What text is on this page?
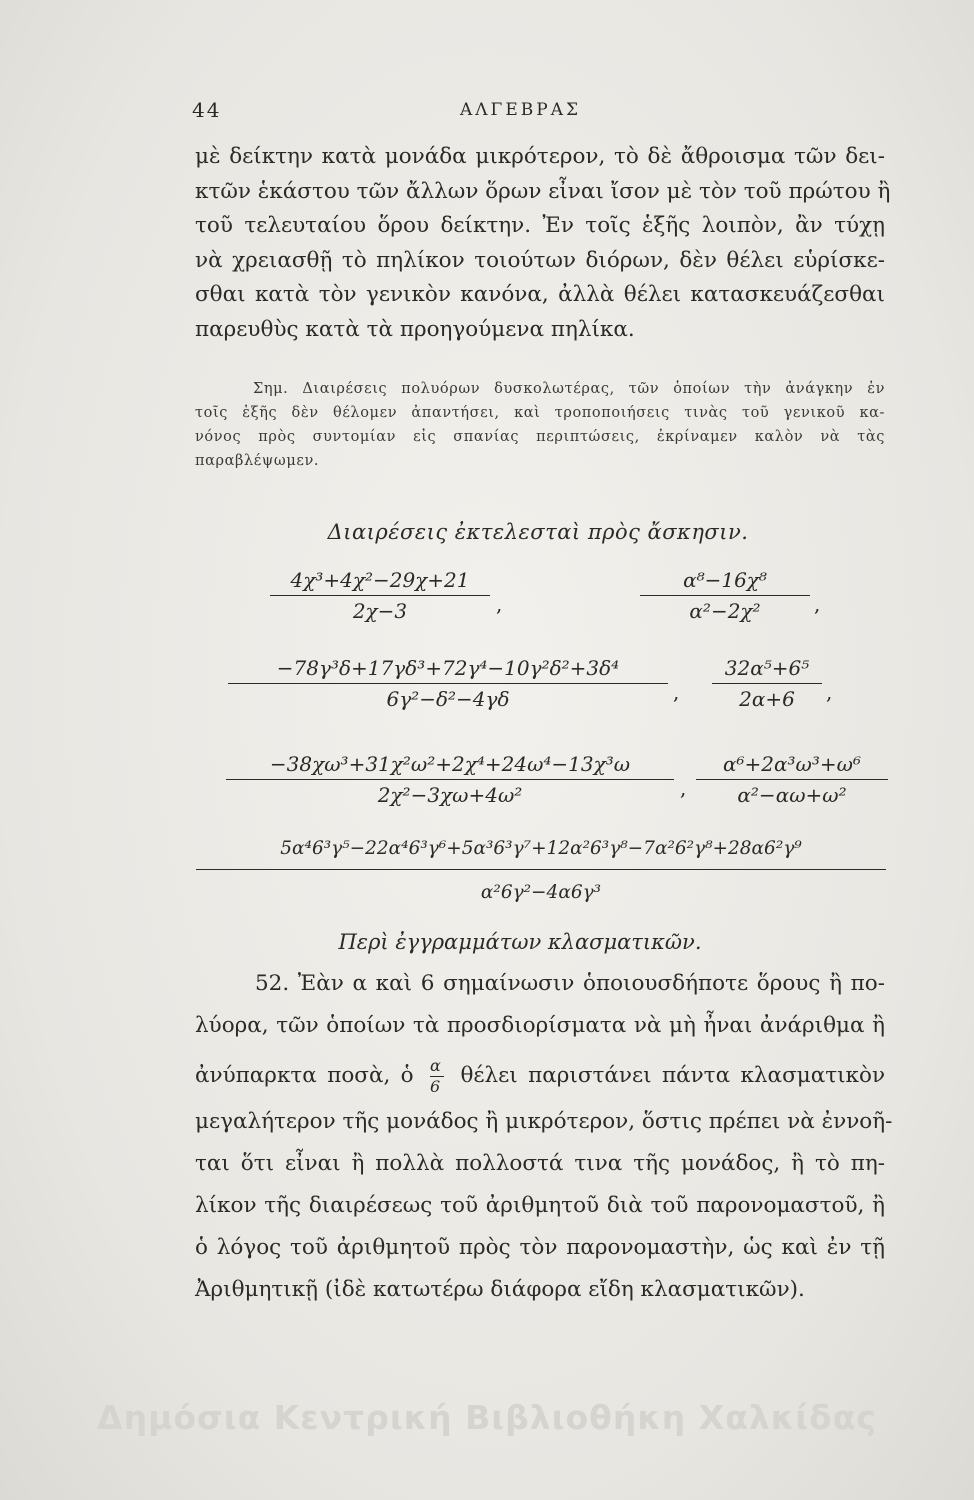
44	ΑΛΓΕΒΡΑΣ
μὲ δείκτην κατὰ μονάδα μικρότερον, τὸ δὲ ἄθροισμα τῶν δει-
κτῶν ἑκάστου τῶν ἄλλων ὅρων εἶναι ἴσον μὲ τὸν τοῦ πρώτου ἢ
τοῦ τελευταίου ὅρου δείκτην. Ἐν τοῖς ἑξῆς λοιπὸν, ἂν τύχῃ
νὰ χρειασθῇ τὸ πηλίκον τοιούτων διόρων, δὲν θέλει εὑρίσκε-
σθαι κατὰ τὸν γενικὸν κανόνα, ἀλλὰ θέλει κατασκευάζεσθαι
παρευθὺς κατὰ τὰ προηγούμενα πηλίκα.
Σημ. Διαιρέσεις πολυόρων δυσκολωτέρας, τῶν ὁποίων τὴν ἀνάγκην ἐν
τοῖς ἑξῆς δὲν θέλομεν ἀπαντήσει, καὶ τροποποιήσεις τινὰς τοῦ γενικοῦ κα-
νόνος πρὸς συντομίαν εἰς σπανίας περιπτώσεις, ἐκρίναμεν καλὸν νὰ τὰς
παραβλέψωμεν.
Διαιρέσεις ἐκτελεσταὶ πρὸς ἄσκησιν.
4χ³+4χ²−29χ+21
2χ−3	,
α⁸−16χ⁸
α²−2χ²	,
−78γ³δ+17γδ³+72γ⁴−10γ²δ²+3δ⁴
6γ²−δ²−4γδ	,
32α⁵+6⁵
2α+6	,
−38χω³+31χ²ω²+2χ⁴+24ω⁴−13χ³ω
2χ²−3χω+4ω²	,
α⁶+2α³ω³+ω⁶
α²−αω+ω²
5α⁴6³γ⁵−22α⁴6³γ⁶+5α³6³γ⁷+12α²6³γ⁸−7α²6²γ⁸+28α6²γ⁹
α²6γ²−4α6γ³
Περὶ ἐγγραμμάτων κλασματικῶν.
52. Ἐὰν α καὶ 6 σημαίνωσιν ὁποιουσδήποτε ὅρους ἢ πο-
λύορα, τῶν ὁποίων τὰ προσδιορίσματα νὰ μὴ ἦναι ἀνάριθμα ἢ
ἀνύπαρκτα ποσὰ, ὁ $\frac{\alpha}{6}$ θέλει παριστάνει πάντα κλασματικὸν
μεγαλήτερον τῆς μονάδος ἢ μικρότερον, ὅστις πρέπει νὰ ἐννοῆ-
ται ὅτι εἶναι ἢ πολλὰ πολλοστά τινα τῆς μονάδος, ἢ τὸ πη-
λίκον τῆς διαιρέσεως τοῦ ἀριθμητοῦ διὰ τοῦ παρονομαστοῦ, ἢ
ὁ λόγος τοῦ ἀριθμητοῦ πρὸς τὸν παρονομαστὴν, ὡς καὶ ἐν τῇ
Ἀριθμητικῇ (ἰδὲ κατωτέρω διάφορα εἴδη κλασματικῶν).
Δημόσια Κεντρική Βιβλιοθήκη Χαλκίδας
